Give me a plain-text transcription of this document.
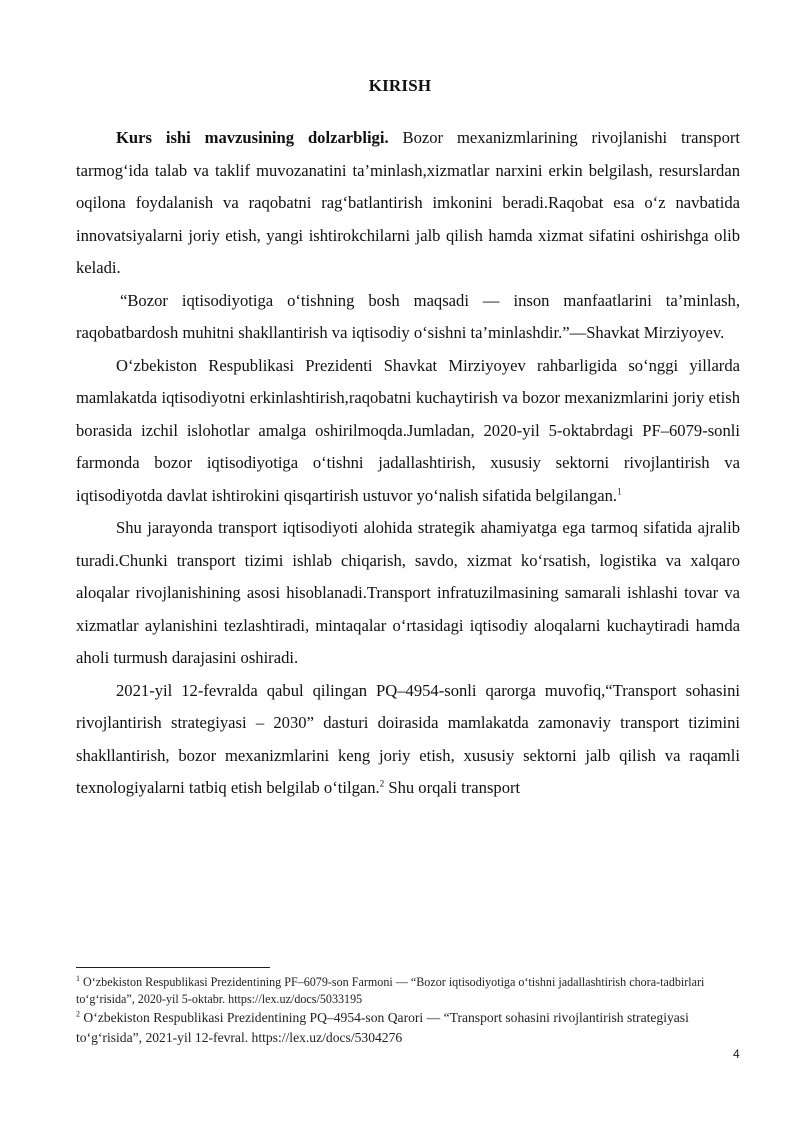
KIRISH

Kurs ishi mavzusining dolzarbligi. Bozor mexanizmlarining rivojlanishi transport tarmog‘ida talab va taklif muvozanatini ta’minlash,xizmatlar narxini erkin belgilash, resurslardan oqilona foydalanish va raqobatni rag‘batlantirish imkonini beradi.Raqobat esa o‘z navbatida innovatsiyalarni joriy etish, yangi ishtirokchilarni jalb qilish hamda xizmat sifatini oshirishga olib keladi.

“Bozor iqtisodiyotiga o‘tishning bosh maqsadi — inson manfaatlarini ta’minlash, raqobatbardosh muhitni shakllantirish va iqtisodiy o‘sishni ta’minlashdir.”—Shavkat Mirziyoyev.

O‘zbekiston Respublikasi Prezidenti Shavkat Mirziyoyev rahbarligida so‘nggi yillarda mamlakatda iqtisodiyotni erkinlashtirish,raqobatni kuchaytirish va bozor mexanizmlarini joriy etish borasida izchil islohotlar amalga oshirilmoqda.Jumladan, 2020-yil 5-oktabrdagi PF–6079-sonli farmonda bozor iqtisodiyotiga o‘tishni jadallashtirish, xususiy sektorni rivojlantirish va iqtisodiyotda davlat ishtirokini qisqartirish ustuvor yo‘nalish sifatida belgilangan.$^1$

Shu jarayonda transport iqtisodiyoti alohida strategik ahamiyatga ega tarmoq sifatida ajralib turadi.Chunki transport tizimi ishlab chiqarish, savdo, xizmat ko‘rsatish, logistika va xalqaro aloqalar rivojlanishining asosi hisoblanadi.Transport infratuzilmasining samarali ishlashi tovar va xizmatlar aylanishini tezlashtiradi, mintaqalar o‘rtasidagi iqtisodiy aloqalarni kuchaytiradi hamda aholi turmush darajasini oshiradi.

2021-yil 12-fevralda qabul qilingan PQ–4954-sonli qarorga muvofiq,“Transport sohasini rivojlantirish strategiyasi – 2030” dasturi doirasida mamlakatda zamonaviy transport tizimini shakllantirish, bozor mexanizmlarini keng joriy etish, xususiy sektorni jalb qilish va raqamli texnologiyalarni tatbiq etish belgilab o‘tilgan.$^2$ Shu orqali transport

$^1$ O‘zbekiston Respublikasi Prezidentining PF–6079-son Farmoni — “Bozor iqtisodiyotiga o‘tishni jadallashtirish chora-tadbirlari to‘g‘risida”, 2020-yil 5-oktabr. https://lex.uz/docs/5033195

$^2$ O‘zbekiston Respublikasi Prezidentining PQ–4954-son Qarori — “Transport sohasini rivojlantirish strategiyasi to‘g‘risida”, 2021-yil 12-fevral. https://lex.uz/docs/5304276

4
